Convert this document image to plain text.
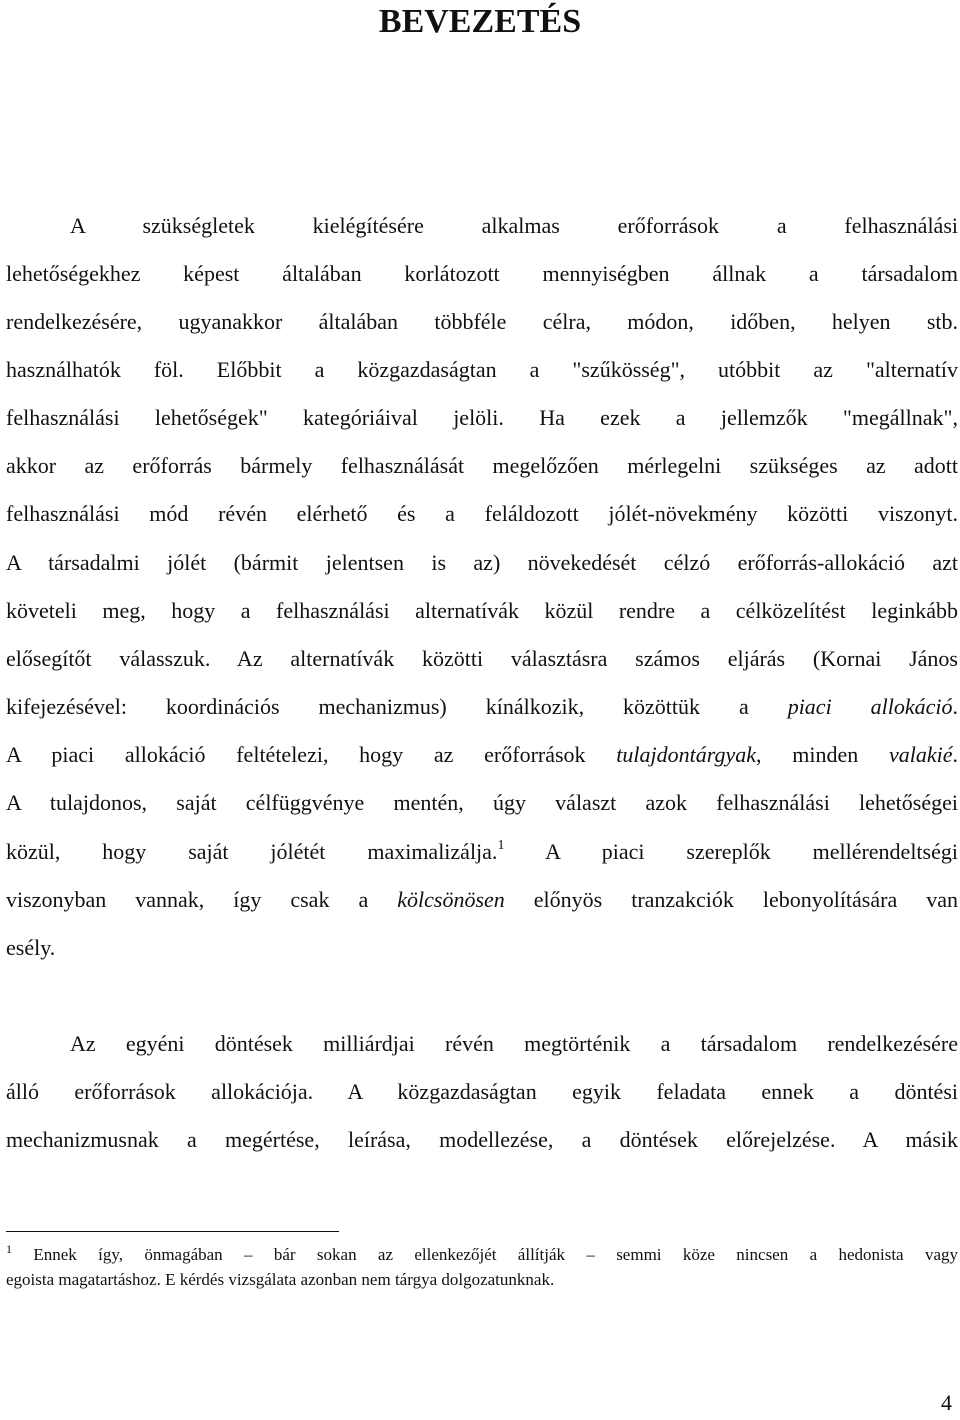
BEVEZETÉS
A szükségletek kielégítésére alkalmas erőforrások a felhasználási
lehetőségekhez képest általában korlátozott mennyiségben állnak a társadalom
rendelkezésére, ugyanakkor általában többféle célra, módon, időben, helyen stb.
használhatók föl. Előbbit a közgazdaságtan a "szűkösség", utóbbit az "alternatív
felhasználási lehetőségek" kategóriáival jelöli. Ha ezek a jellemzők "megállnak",
akkor az erőforrás bármely felhasználását megelőzően mérlegelni szükséges az adott
felhasználási mód révén elérhető és a feláldozott jólét-növekmény közötti viszonyt.
A társadalmi jólét (bármit jelentsen is az) növekedését célzó erőforrás-allokáció azt
követeli meg, hogy a felhasználási alternatívák közül rendre a célközelítést leginkább
elősegítőt válasszuk. Az alternatívák közötti választásra számos eljárás (Kornai János
kifejezésével: koordinációs mechanizmus) kínálkozik, közöttük a piaci allokáció.
A piaci allokáció feltételezi, hogy az erőforrások tulajdontárgyak, minden valakié.
A tulajdonos, saját célfüggvénye mentén, úgy választ azok felhasználási lehetőségei
közül, hogy saját jólétét maximalizálja.$^1$ A piaci szereplők mellérendeltségi
viszonyban vannak, így csak a kölcsönösen előnyös tranzakciók lebonyolítására van
esély.
Az egyéni döntések milliárdjai révén megtörténik a társadalom rendelkezésére
álló erőforrások allokációja. A közgazdaságtan egyik feladata ennek a döntési
mechanizmusnak a megértése, leírása, modellezése, a döntések előrejelzése. A másik
$^1$ Ennek így, önmagában – bár sokan az ellenkezőjét állítják – semmi köze nincsen a hedonista vagy
egoista magatartáshoz. E kérdés vizsgálata azonban nem tárgya dolgozatunknak.
4
